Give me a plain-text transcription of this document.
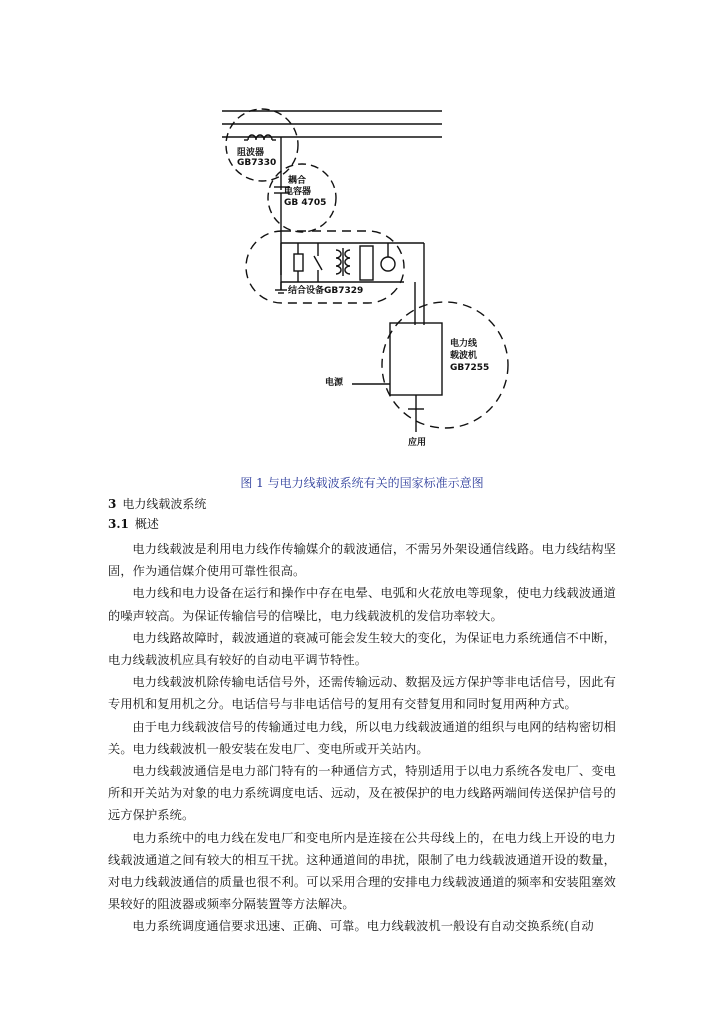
阻波器
GB7330
耦合
电容器
GB 4705
结合设备GB7329
电力线
载波机
GB7255
电源
应用
图 1 与电力线载波系统有关的国家标准示意图
3 电力线载波系统
3.1 概述

电力线载波是利用电力线作传输媒介的载波通信，不需另外架设通信线路。电力线结构坚固，作为通信媒介使用可靠性很高。

电力线和电力设备在运行和操作中存在电晕、电弧和火花放电等现象，使电力线载波通道的噪声较高。为保证传输信号的信噪比，电力线载波机的发信功率较大。

电力线路故障时，载波通道的衰减可能会发生较大的变化，为保证电力系统通信不中断，电力线载波机应具有较好的自动电平调节特性。

电力线载波机除传输电话信号外，还需传输远动、数据及远方保护等非电话信号，因此有专用机和复用机之分。电话信号与非电话信号的复用有交替复用和同时复用两种方式。

由于电力线载波信号的传输通过电力线，所以电力线载波通道的组织与电网的结构密切相关。电力线载波机一般安装在发电厂、变电所或开关站内。

电力线载波通信是电力部门特有的一种通信方式，特别适用于以电力系统各发电厂、变电所和开关站为对象的电力系统调度电话、远动，及在被保护的电力线路两端间传送保护信号的远方保护系统。

电力系统中的电力线在发电厂和变电所内是连接在公共母线上的，在电力线上开设的电力线载波通道之间有较大的相互干扰。这种通道间的串扰，限制了电力线载波通道开设的数量，对电力线载波通信的质量也很不利。可以采用合理的安排电力线载波通道的频率和安装阻塞效果较好的阻波器或频率分隔装置等方法解决。

电力系统调度通信要求迅速、正确、可靠。电力线载波机一般设有自动交换系统(自动
